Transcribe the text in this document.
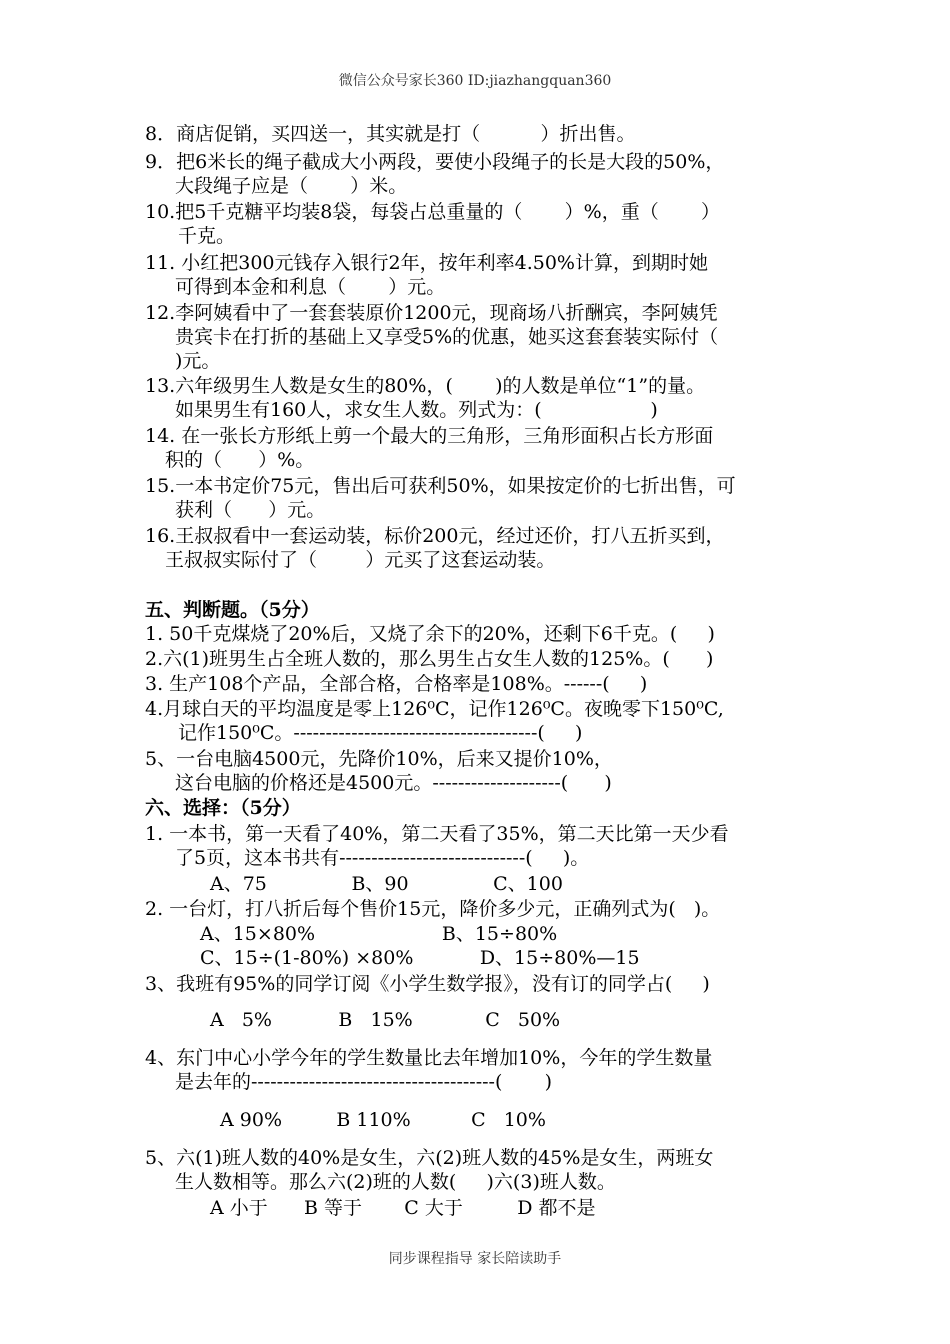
微信公众号家长360 ID:jiazhangquan360
8．商店促销，买四送一，其实就是打（          ）折出售。
9．把6米长的绳子截成大小两段，要使小段绳子的长是大段的50%，
大段绳子应是（       ）米。
10.把5千克糖平均装8袋，每袋占总重量的（       ）%，重（       ）
千克。
11. 小红把300元钱存入银行2年，按年利率4.50%计算，到期时她
可得到本金和利息（       ）元。
12.李阿姨看中了一套套装原价1200元，现商场八折酬宾，李阿姨凭
贵宾卡在打折的基础上又享受5%的优惠，她买这套套装实际付（
)元。
13.六年级男生人数是女生的80%，(       )的人数是单位“1”的量。
如果男生有160人，求女生人数。列式为：(                  )
14. 在一张长方形纸上剪一个最大的三角形，三角形面积占长方形面
积的（      ）%。
15.一本书定价75元，售出后可获利50%，如果按定价的七折出售，可
获利（      ）元。
16.王叔叔看中一套运动装，标价200元，经过还价，打八五折买到，
王叔叔实际付了（        ）元买了这套运动装。
五、判断题。（5分）
1. 50千克煤烧了20%后，又烧了余下的20%，还剩下6千克。(     )
2.六(1)班男生占全班人数的，那么男生占女生人数的125%。(      )
3. 生产108个产品，全部合格，合格率是108%。------(     )
4.月球白天的平均温度是零上126⁰C，记作126⁰C。夜晚零下150⁰C,
记作150⁰C。--------------------------------------(     )
5、一台电脑4500元，先降价10%，后来又提价10%，
这台电脑的价格还是4500元。--------------------(      )
六、选择：（5分）
1. 一本书，第一天看了40%，第二天看了35%，第二天比第一天少看
了5页，这本书共有-----------------------------(     )。
A、75              B、90              C、100
2. 一台灯，打八折后每个售价15元，降价多少元，正确列式为(   )。
A、15×80%                     B、15÷80%
C、15÷(1-80%) ×80%           D、15÷80%—15
3、我班有95%的同学订阅《小学生数学报》，没有订的同学占(     )
A   5%           B   15%            C   50%
4、东门中心小学今年的学生数量比去年增加10%，今年的学生数量
是去年的--------------------------------------(       )
A 90%         B 110%          C   10%
5、六(1)班人数的40%是女生，六(2)班人数的45%是女生，两班女
生人数相等。那么六(2)班的人数(     )六(3)班人数。
A 小于      B 等于       C 大于         D 都不是
同步课程指导 家长陪读助手
